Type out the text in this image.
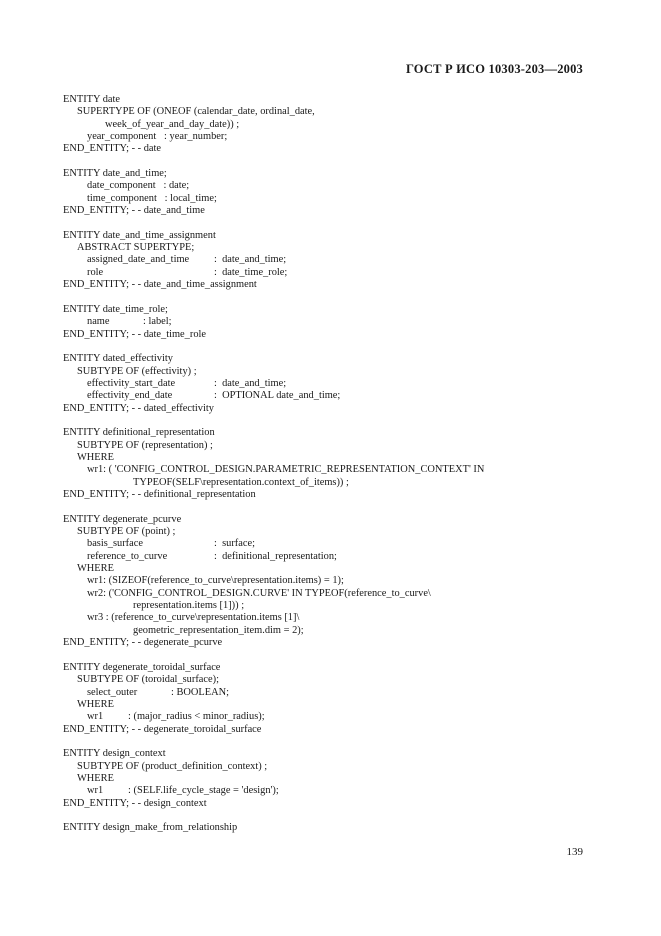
ГОСТ Р ИСО 10303-203—2003
ENTITY date
SUPERTYPE OF (ONEOF (calendar_date, ordinal_date,
week_of_year_and_day_date)) ;
year_component   : year_number;
END_ENTITY; - - date
ENTITY date_and_time;
date_component   : date;
time_component   : local_time;
END_ENTITY; - - date_and_time
ENTITY date_and_time_assignment
ABSTRACT SUPERTYPE;
assigned_date_and_time :  date_and_time;
role	:  date_time_role;
END_ENTITY; - - date_and_time_assignment
ENTITY date_time_role;
name	: label;
END_ENTITY; - - date_time_role
ENTITY dated_effectivity
SUBTYPE OF (effectivity) ;
effectivity_start_date	:  date_and_time;
effectivity_end_date	:  OPTIONAL date_and_time;
END_ENTITY; - - dated_effectivity
ENTITY definitional_representation
SUBTYPE OF (representation) ;
WHERE
wr1: ( 'CONFIG_CONTROL_DESIGN.PARAMETRIC_REPRESENTATION_CONTEXT' IN
TYPEOF(SELF\representation.context_of_items)) ;
END_ENTITY; - - definitional_representation
ENTITY degenerate_pcurve
SUBTYPE OF (point) ;
basis_surface	:  surface;
reference_to_curve	:  definitional_representation;
WHERE
wr1: (SIZEOF(reference_to_curve\representation.items) = 1);
wr2: ('CONFIG_CONTROL_DESIGN.CURVE' IN TYPEOF(reference_to_curve\
representation.items [1])) ;
wr3 : (reference_to_curve\representation.items [1]\
geometric_representation_item.dim = 2);
END_ENTITY; - - degenerate_pcurve
ENTITY degenerate_toroidal_surface
SUBTYPE OF (toroidal_surface);
select_outer	: BOOLEAN;
WHERE
wr1 : (major_radius < minor_radius);
END_ENTITY; - - degenerate_toroidal_surface
ENTITY design_context
SUBTYPE OF (product_definition_context) ;
WHERE
wr1 : (SELF.life_cycle_stage = 'design');
END_ENTITY; - - design_context
ENTITY design_make_from_relationship
139
